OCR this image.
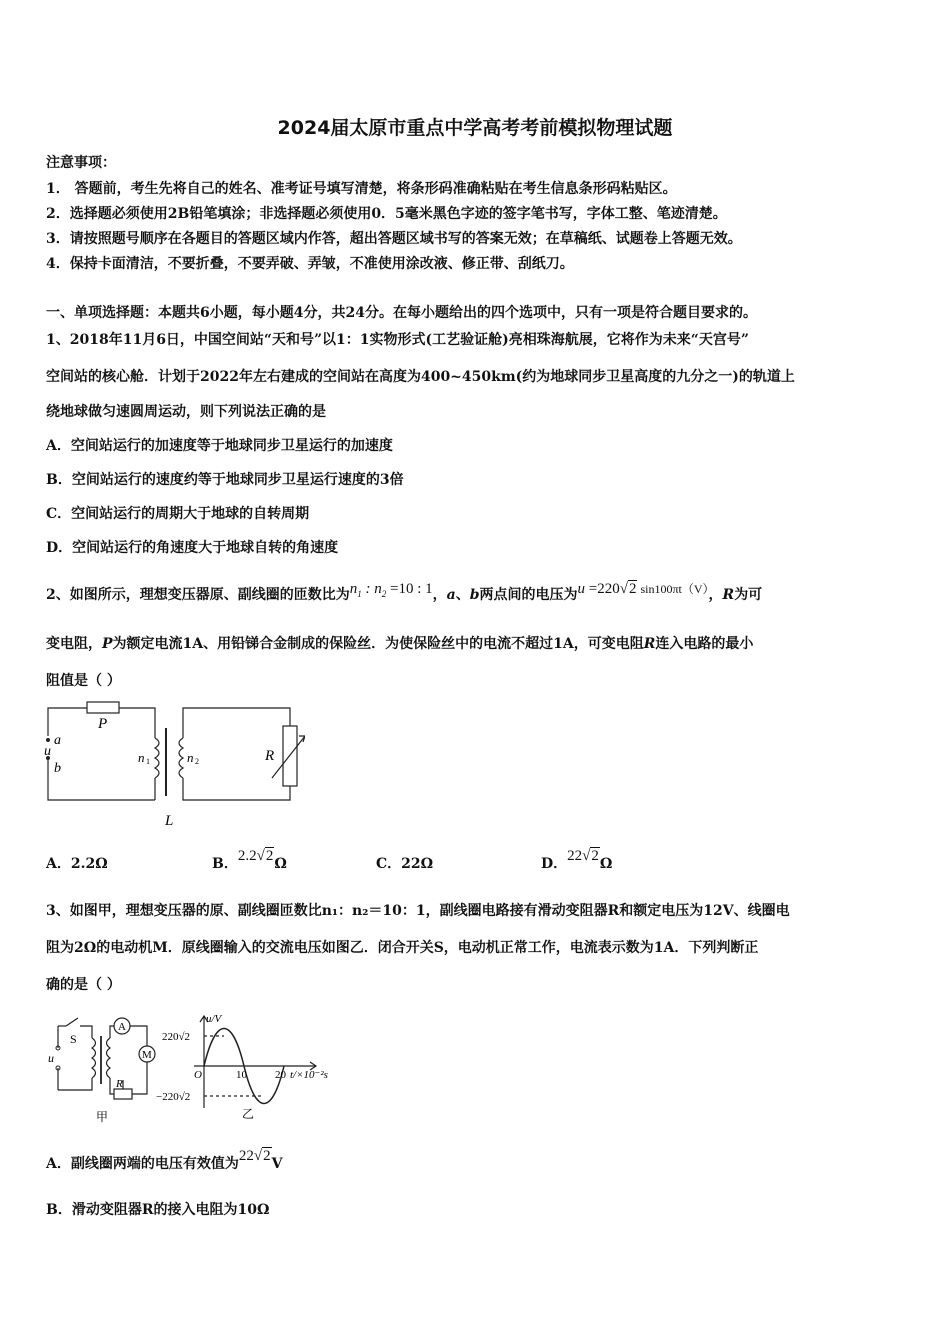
2024届太原市重点中学高考考前模拟物理试题
注意事项：
1． 答题前，考生先将自己的姓名、准考证号填写清楚，将条形码准确粘贴在考生信息条形码粘贴区。
2．选择题必须使用2B铅笔填涂；非选择题必须使用0．5毫米黑色字迹的签字笔书写，字体工整、笔迹清楚。
3．请按照题号顺序在各题目的答题区域内作答，超出答题区域书写的答案无效；在草稿纸、试题卷上答题无效。
4．保持卡面清洁，不要折叠，不要弄破、弄皱，不准使用涂改液、修正带、刮纸刀。
一、单项选择题：本题共6小题，每小题4分，共24分。在每小题给出的四个选项中，只有一项是符合题目要求的。
1、2018年11月6日，中国空间站“天和号”以1：1实物形式(工艺验证舱)亮相珠海航展，它将作为未来“天宫号”
空间站的核心舱．计划于2022年左右建成的空间站在高度为400~450km(约为地球同步卫星高度的九分之一)的轨道上
绕地球做匀速圆周运动，则下列说法正确的是
A．空间站运行的加速度等于地球同步卫星运行的加速度
B．空间站运行的速度约等于地球同步卫星运行速度的3倍
C．空间站运行的周期大于地球的自转周期
D．空间站运行的角速度大于地球自转的角速度
2、如图所示，理想变压器原、副线圈的匝数比为$n_1$ : $n_2 =10$ : 1，a、b两点间的电压为u =220√2 sin100πt（V），R为可
变电阻，P为额定电流1A、用铅锑合金制成的保险丝．为使保险丝中的电流不超过1A，可变电阻R连入电路的最小
阻值是（ ）
P
a
u
b
n 1	n 2	R
L
A．2.2Ω	B．2.2√2Ω	C．22Ω	D．22√2Ω
3、如图甲，理想变压器的原、副线圈匝数比n₁：n₂＝10：1，副线圈电路接有滑动变阻器R和额定电压为12V、线圈电
阻为2Ω的电动机M．原线圈输入的交流电压如图乙．闭合开关S，电动机正常工作，电流表示数为1A．下列判断正
确的是（ ）
S
A
M
u
R
甲
u/V
220√2
−220√2
O	10	20 t/×10⁻²s
乙
A．副线圈两端的电压有效值为22√2V
B．滑动变阻器R的接入电阻为10Ω
